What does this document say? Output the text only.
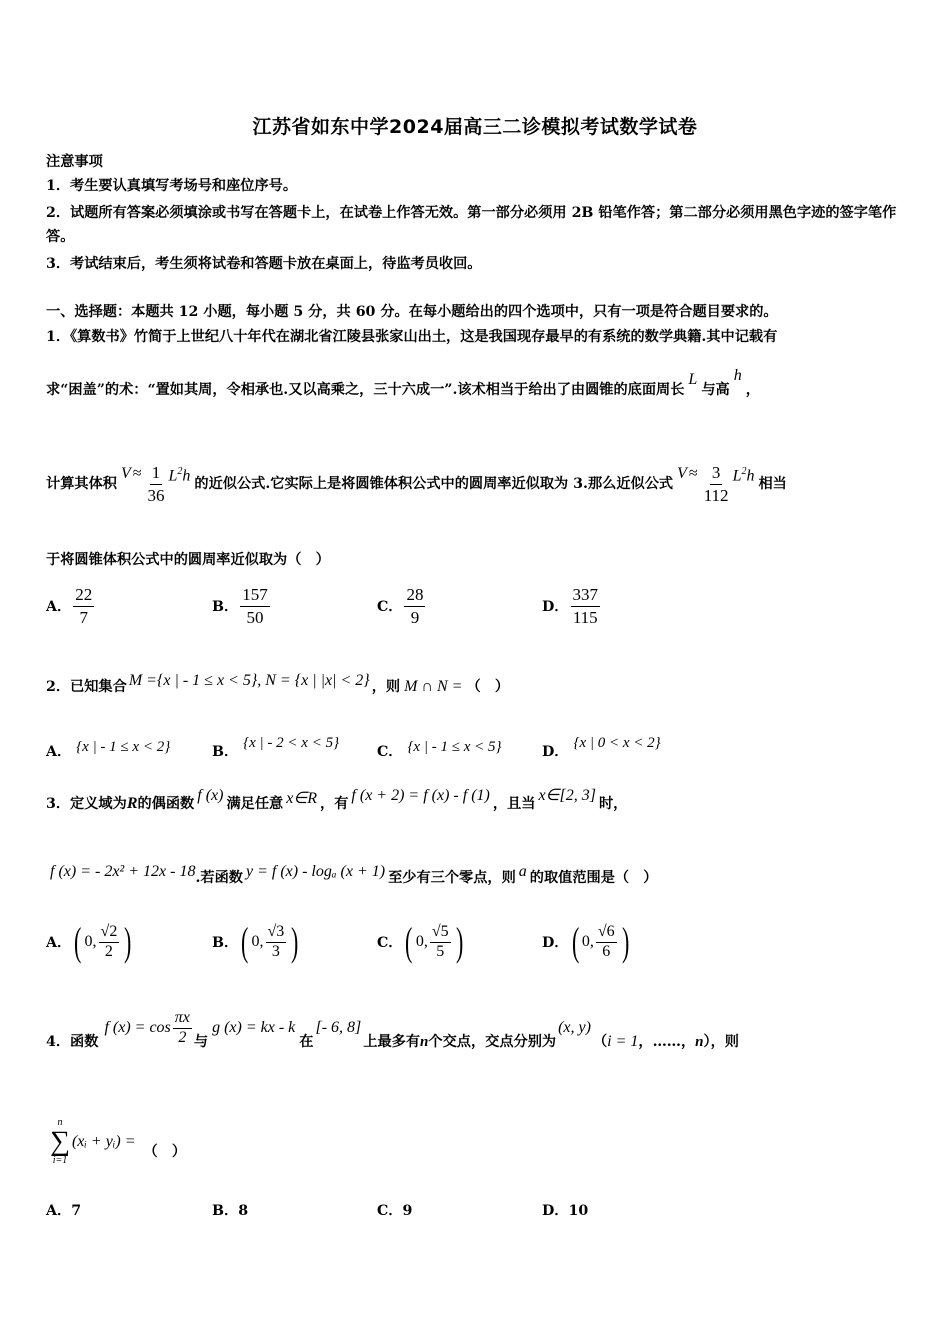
江苏省如东中学2024届高三二诊模拟考试数学试卷
注意事项
1．考生要认真填写考场号和座位序号。
2．试题所有答案必须填涂或书写在答题卡上，在试卷上作答无效。第一部分必须用 2B 铅笔作答；第二部分必须用黑色字迹的签字笔作答。
3．考试结束后，考生须将试卷和答题卡放在桌面上，待监考员收回。
一、选择题：本题共 12 小题，每小题 5 分，共 60 分。在每小题给出的四个选项中，只有一项是符合题目要求的。
1．《算数书》竹简于上世纪八十年代在湖北省江陵县张家山出土，这是我国现存最早的有系统的数学典籍.其中记载有
求“困盖”的术：“置如其周，令相承也.又以高乘之，三十六成一”.该术相当于给出了由圆锥的底面周长L与高h，
计算其体积
$V \approx \frac{1}{36} L^2h$ 的近似公式.它实际上是将圆锥体积公式中的圆周率近似取为 3.那么近似公式
$V \approx \frac{3}{112} L^2h$ 相当
于将圆锥体积公式中的圆周率近似取为（　）
A． $\frac{22}{7}$	B． $\frac{157}{50}$	C． $\frac{28}{9}$	D． $\frac{337}{115}$
2．已知集合 M ={x | - 1 ≤ x < 5}, N = {x | |x| < 2} ，则 M ∩ N = （　）
A． {x | - 1 ≤ x < 2}	B． {x | - 2 < x < 5}
C． {x | - 1 ≤ x < 5}	D． {x | 0 < x < 2}
3．定义域为R的偶函数 f (x) 满足任意 x∈R ，有 f (x + 2) = f (x) - f (1) ，且当 x∈[2, 3] 时，
f (x) = - 2x² + 12x - 18.若函数 y = f (x) - logₐ (x + 1) 至少有三个零点，则 a 的取值范围是（　）
A． ( 0, $\frac{√2}{2}$ )	B． ( 0, $\frac{√3}{3}$ )	C． ( 0, $\frac{√5}{5}$ )	D． ( 0, $\frac{√6}{6}$ )
4．函数
f $(x) = \cos \frac{\pi x}{2}$ 与
g (x) = kx - k
在
[- 6, 8]
上最多有 n 个交点，交点分别为
(x, y)
（ i = 1 ，……， n ），则
n
∑
i=1
(xᵢ + yᵢ) =
（　）
A．7	B．8	C．9	D．10
